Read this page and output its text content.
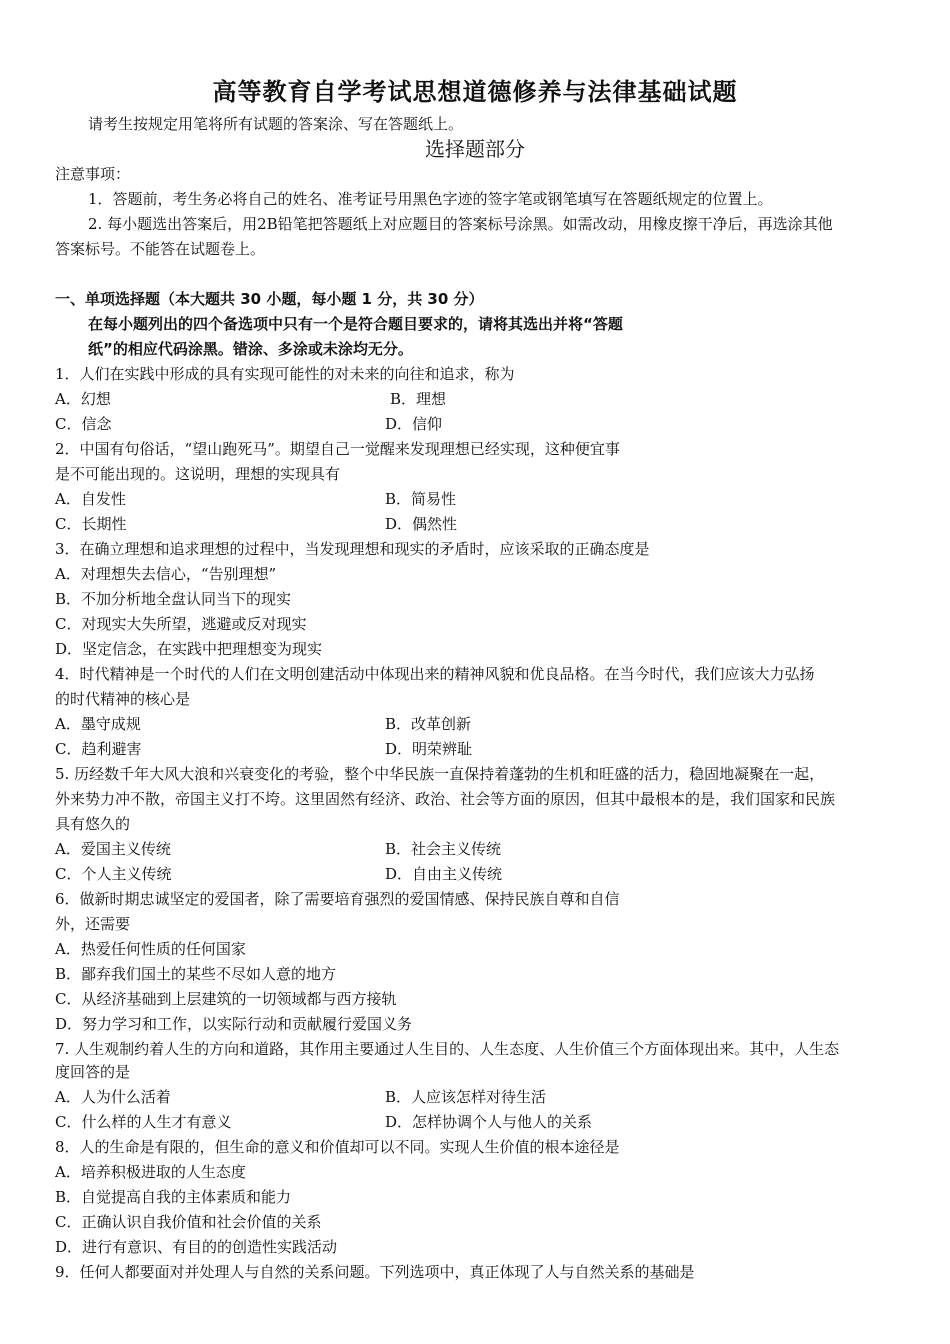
高等教育自学考试思想道德修养与法律基础试题
请考生按规定用笔将所有试题的答案涂、写在答题纸上。
选择题部分
注意事项：
1．答题前，考生务必将自己的姓名、准考证号用黑色字迹的签字笔或钢笔填写在答题纸规定的位置上。
2. 每小题选出答案后，用2B铅笔把答题纸上对应题目的答案标号涂黑。如需改动，用橡皮擦干净后，再选涂其他
答案标号。不能答在试题卷上。
一、单项选择题（本大题共 30 小题，每小题 1 分，共 30 分）
在每小题列出的四个备选项中只有一个是符合题目要求的，请将其选出并将“答题
纸”的相应代码涂黑。错涂、多涂或未涂均无分。
1．人们在实践中形成的具有实现可能性的对未来的向往和追求，称为
A．幻想	B．理想
C．信念	D．信仰
2．中国有句俗话，“望山跑死马”。期望自己一觉醒来发现理想已经实现，这种便宜事
是不可能出现的。这说明，理想的实现具有
A．自发性	B．简易性
C．长期性	D．偶然性
3．在确立理想和追求理想的过程中，当发现理想和现实的矛盾时，应该采取的正确态度是
A．对理想失去信心，“告别理想”
B．不加分析地全盘认同当下的现实
C．对现实大失所望，逃避或反对现实
D．坚定信念，在实践中把理想变为现实
4．时代精神是一个时代的人们在文明创建活动中体现出来的精神风貌和优良品格。在当今时代，我们应该大力弘扬
的时代精神的核心是
A．墨守成规	B．改革创新
C．趋利避害	D．明荣辨耻
5. 历经数千年大风大浪和兴衰变化的考验，整个中华民族一直保持着蓬勃的生机和旺盛的活力，稳固地凝聚在一起，
外来势力冲不散，帝国主义打不垮。这里固然有经济、政治、社会等方面的原因，但其中最根本的是，我们国家和民族
具有悠久的
A．爱国主义传统	B．社会主义传统
C．个人主义传统	D．自由主义传统
6．做新时期忠诚坚定的爱国者，除了需要培育强烈的爱国情感、保持民族自尊和自信
外，还需要
A．热爱任何性质的任何国家
B．鄙弃我们国土的某些不尽如人意的地方
C．从经济基础到上层建筑的一切领域都与西方接轨
D．努力学习和工作，以实际行动和贡献履行爱国义务
7. 人生观制约着人生的方向和道路，其作用主要通过人生目的、人生态度、人生价值三个方面体现出来。其中，人生态
度回答的是
A．人为什么活着	B．人应该怎样对待生活
C．什么样的人生才有意义	D．怎样协调个人与他人的关系
8．人的生命是有限的，但生命的意义和价值却可以不同。实现人生价值的根本途径是
A．培养积极进取的人生态度
B．自觉提高自我的主体素质和能力
C．正确认识自我价值和社会价值的关系
D．进行有意识、有目的的创造性实践活动
9．任何人都要面对并处理人与自然的关系问题。下列选项中，真正体现了人与自然关系的基础是
